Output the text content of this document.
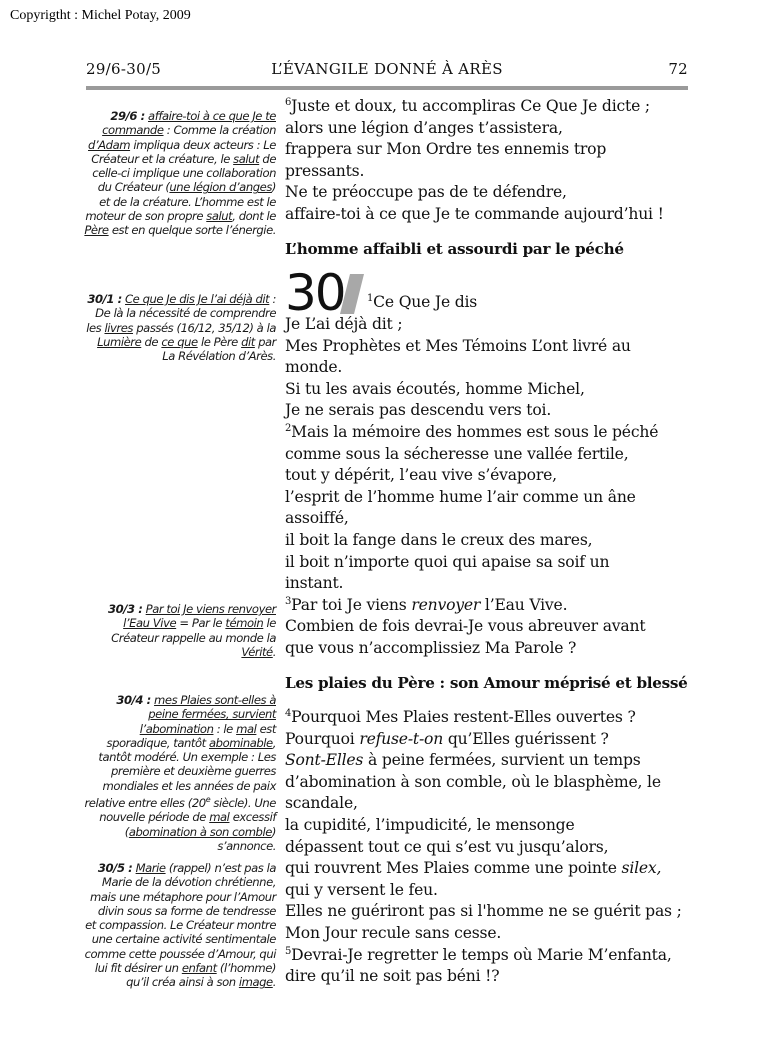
Copyrigtht : Michel Potay, 2009
29/6-30/5	L’ÉVANGILE DONNÉ À ARÈS	72
29/6 : affaire-toi à ce que Je te commande : Comme la création d’Adam impliqua deux acteurs : Le Créateur et la créature, le salut de celle-ci implique une collaboration du Créateur (une légion d’anges) et de la créature. L’homme est le moteur de son propre salut, dont le Père est en quelque sorte l’énergie.
30/1 : Ce que Je dis Je l’ai déjà dit : De là la nécessité de comprendre les livres passés (16/12, 35/12) à la Lumière de ce que le Père dit par La Révélation d’Arès.
30/3 : Par toi Je viens renvoyer l’Eau Vive = Par le témoin le Créateur rappelle au monde la Vérité.
30/4 : mes Plaies sont-elles à peine fermées, survient l’abomination : le mal est sporadique, tantôt abominable, tantôt modéré. Un exemple : Les première et deuxième guerres mondiales et les années de paix relative entre elles (20e siècle). Une nouvelle période de mal excessif (abomination à son comble) s’annonce.
30/5 : Marie (rappel) n’est pas la Marie de la dévotion chrétienne, mais une métaphore pour l’Amour divin sous sa forme de tendresse et compassion. Le Créateur montre une certaine activité sentimentale comme cette poussée d’Amour, qui lui fit désirer un enfant (l’homme) qu’il créa ainsi à son image.
$^6$Juste et doux, tu accompliras Ce Que Je dicte ;
alors une légion d’anges t’assistera,
frappera sur Mon Ordre tes ennemis trop
pressants.
Ne te préoccupe pas de te défendre,
affaire-toi à ce que Je te commande aujourd’hui !
L’homme affaibli et assourdi par le péché
30 $^1$Ce Que Je dis
Je L’ai déjà dit ;
Mes Prophètes et Mes Témoins L’ont livré au
monde.
Si tu les avais écoutés, homme Michel,
Je ne serais pas descendu vers toi.
$^2$Mais la mémoire des hommes est sous le péché
comme sous la sécheresse une vallée fertile,
tout y dépérit, l’eau vive s’évapore,
l’esprit de l’homme hume l’air comme un âne
assoiffé,
il boit la fange dans le creux des mares,
il boit n’importe quoi qui apaise sa soif un
instant.
$^3$Par toi Je viens renvoyer l’Eau Vive.
Combien de fois devrai-Je vous abreuver avant
que vous n’accomplissiez Ma Parole ?
Les plaies du Père : son Amour méprisé et blessé
$^4$Pourquoi Mes Plaies restent-Elles ouvertes ?
Pourquoi refuse-t-on qu’Elles guérissent ?
Sont-Elles à peine fermées, survient un temps
d’abomination à son comble, où le blasphème, le
scandale,
la cupidité, l’impudicité, le mensonge
dépassent tout ce qui s’est vu jusqu’alors,
qui rouvrent Mes Plaies comme une pointe silex,
qui y versent le feu.
Elles ne guériront pas si l'homme ne se guérit pas ;
Mon Jour recule sans cesse.
$^5$Devrai-Je regretter le temps où Marie M’enfanta,
dire qu’il ne soit pas béni !?
